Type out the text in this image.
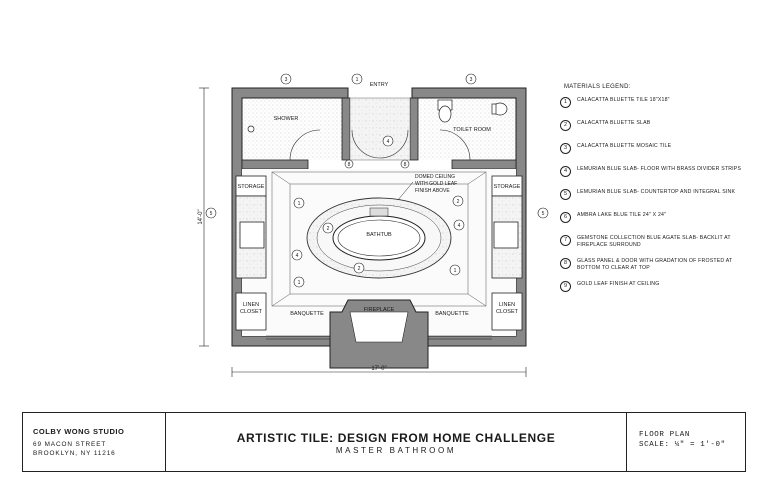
17'-0"
14'-0"
ENTRY
SHOWER
TOILET ROOM
STORAGE	STORAGE
LINEN
CLOSET
LINEN
CLOSET
BANQUETTE	BANQUETTE
FIREPLACE
BATHTUB
DOMED CEILING
WITH GOLD LEAF
FINISH ABOVE
3	1	3
5	5
4
8	8
1	2
4
2
4
2	1
1
MATERIALS LEGEND:
1	CALACATTA BLUETTE TILE 18"X18"
2	CALACATTA BLUETTE SLAB
3	CALACATTA BLUETTE MOSAIC TILE
4	LEMURIAN BLUE SLAB- FLOOR WITH BRASS DIVIDER STRIPS
5	LEMURIAN BLUE SLAB- COUNTERTOP AND INTEGRAL SINK
6	AMBRA LAKE BLUE TILE 24" X 24"
7	GEMSTONE COLLECTION BLUE AGATE SLAB- BACKLIT AT FIREPLACE SURROUND
8	GLASS PANEL & DOOR WITH GRADATION OF FROSTED AT BOTTOM TO CLEAR AT TOP
9	GOLD LEAF FINISH AT CEILING
COLBY WONG STUDIO
69 MACON STREET
BROOKLYN, NY 11216
ARTISTIC TILE: DESIGN FROM HOME CHALLENGE
MASTER BATHROOM
FLOOR PLAN
SCALE: ¼" = 1'-0"
